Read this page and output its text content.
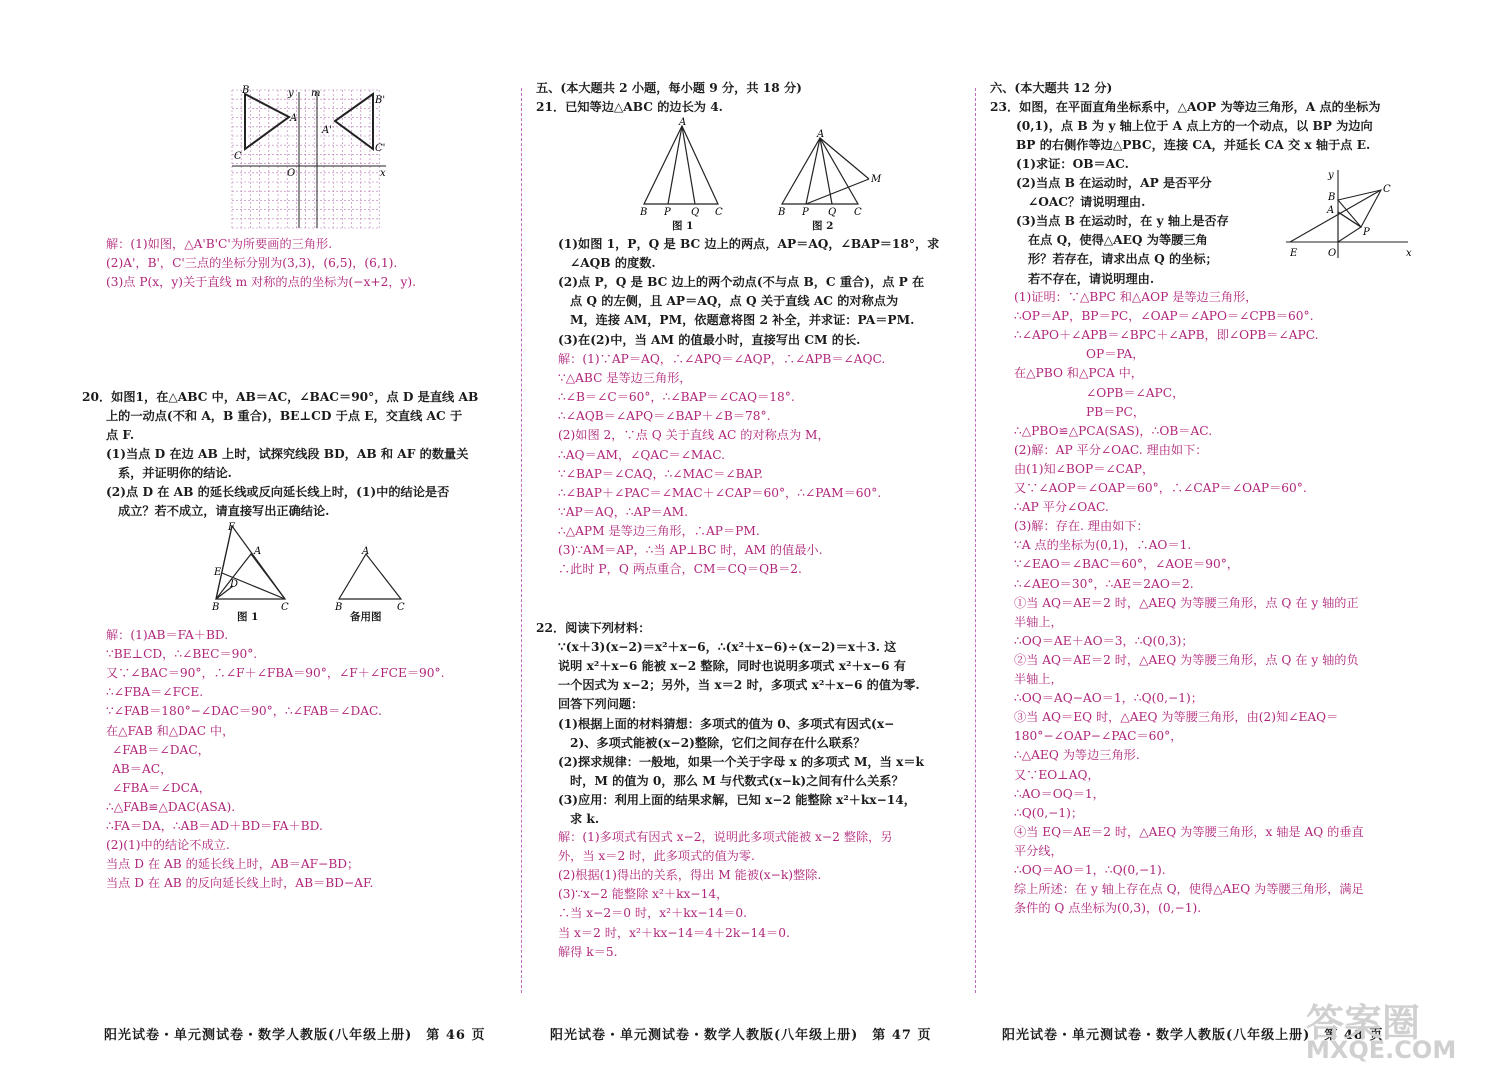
B
A
C
B'
A'
C'
O
y m
x
解：(1)如图，△A'B'C'为所要画的三角形.
(2)A'，B'，C'三点的坐标分别为(3,3)，(6,5)，(6,1).
(3)点 P(x，y)关于直线 m 对称的点的坐标为(−x+2，y).
20．如图1，在△ABC 中，AB＝AC，∠BAC＝90°，点 D 是直线 AB
上的一动点(不和 A，B 重合)，BE⊥CD 于点 E，交直线 AC 于
点 F.
(1)当点 D 在边 AB 上时，试探究线段 BD，AB 和 AF 的数量关
系，并证明你的结论.
(2)点 D 在 AB 的延长线或反向延长线上时，(1)中的结论是否
成立？若不成立，请直接写出正确结论.
F
A
E
D
B	C
A
B	C
图 1	备用图
解：(1)AB＝FA＋BD.
∵BE⊥CD，∴∠BEC＝90°.
又∵∠BAC＝90°，∴∠F＋∠FBA＝90°，∠F＋∠FCE＝90°.
∴∠FBA＝∠FCE.
∵∠FAB＝180°−∠DAC＝90°，∴∠FAB＝∠DAC.
在△FAB 和△DAC 中，
∠FAB＝∠DAC，
AB＝AC，
∠FBA＝∠DCA，
∴△FAB≌△DAC(ASA).
∴FA＝DA，∴AB＝AD＋BD＝FA＋BD.
(2)(1)中的结论不成立.
当点 D 在 AB 的延长线上时，AB＝AF−BD；
当点 D 在 AB 的反向延长线上时，AB＝BD−AF.
阳光试卷・单元测试卷・数学人教版(八年级上册)　第 46 页
五、(本大题共 2 小题，每小题 9 分，共 18 分)
21．已知等边△ABC 的边长为 4.
A
B P Q C
A
B P Q C
M
图 1	图 2
(1)如图 1，P，Q 是 BC 边上的两点，AP＝AQ，∠BAP＝18°，求
∠AQB 的度数.
(2)点 P，Q 是 BC 边上的两个动点(不与点 B，C 重合)，点 P 在
点 Q 的左侧，且 AP＝AQ，点 Q 关于直线 AC 的对称点为
M，连接 AM，PM，依题意将图 2 补全，并求证：PA＝PM.
(3)在(2)中，当 AM 的值最小时，直接写出 CM 的长.
解：(1)∵AP＝AQ，∴∠APQ＝∠AQP，∴∠APB＝∠AQC.
∵△ABC 是等边三角形，
∴∠B＝∠C＝60°，∴∠BAP＝∠CAQ＝18°.
∴∠AQB＝∠APQ＝∠BAP＋∠B＝78°.
(2)如图 2，∵点 Q 关于直线 AC 的对称点为 M，
∴AQ＝AM，∠QAC＝∠MAC.
∵∠BAP＝∠CAQ，∴∠MAC＝∠BAP.
∴∠BAP＋∠PAC＝∠MAC＋∠CAP＝60°，∴∠PAM＝60°.
∵AP＝AQ，∴AP＝AM.
∴△APM 是等边三角形，∴AP＝PM.
(3)∵AM＝AP，∴当 AP⊥BC 时，AM 的值最小.
∴此时 P，Q 两点重合，CM＝CQ＝QB＝2.
22．阅读下列材料：
∵(x＋3)(x−2)＝x²＋x−6，∴(x²＋x−6)÷(x−2)＝x＋3. 这
说明 x²＋x−6 能被 x−2 整除，同时也说明多项式 x²＋x−6 有
一个因式为 x−2；另外，当 x＝2 时，多项式 x²＋x−6 的值为零.
回答下列问题：
(1)根据上面的材料猜想：多项式的值为 0、多项式有因式(x−
2)、多项式能被(x−2)整除，它们之间存在什么联系？
(2)探求规律：一般地，如果一个关于字母 x 的多项式 M，当 x＝k
时，M 的值为 0，那么 M 与代数式(x−k)之间有什么关系？
(3)应用：利用上面的结果求解，已知 x−2 能整除 x²＋kx−14，
求 k.
解：(1)多项式有因式 x−2，说明此多项式能被 x−2 整除，另
外，当 x＝2 时，此多项式的值为零.
(2)根据(1)得出的关系，得出 M 能被(x−k)整除.
(3)∵x−2 能整除 x²＋kx−14，
∴当 x−2＝0 时，x²＋kx−14＝0.
当 x＝2 时，x²＋kx−14＝4＋2k−14＝0.
解得 k＝5.
阳光试卷・单元测试卷・数学人教版(八年级上册)　第 47 页
六、(本大题共 12 分)
23．如图，在平面直角坐标系中，△AOP 为等边三角形，A 点的坐标为
(0,1)，点 B 为 y 轴上位于 A 点上方的一个动点，以 BP 为边向
BP 的右侧作等边△PBC，连接 CA，并延长 CA 交 x 轴于点 E.
(1)求证：OB＝AC.
(2)当点 B 在运动时，AP 是否平分
∠OAC？请说明理由.
(3)当点 B 在运动时，在 y 轴上是否存
在点 Q，使得△AEQ 为等腰三角
形？若存在，请求出点 Q 的坐标；
若不存在，请说明理由.
y
B
A
C
P
E	O	x
(1)证明：∵△BPC 和△AOP 是等边三角形，
∴OP＝AP，BP＝PC，∠OAP＝∠APO＝∠CPB＝60°.
∴∠APO＋∠APB＝∠BPC＋∠APB，即∠OPB＝∠APC.
OP＝PA，
在△PBO 和△PCA 中，
∠OPB＝∠APC，
PB＝PC，
∴△PBO≌△PCA(SAS)，∴OB＝AC.
(2)解：AP 平分∠OAC. 理由如下：
由(1)知∠BOP＝∠CAP，
又∵∠AOP＝∠OAP＝60°，∴∠CAP＝∠OAP＝60°.
∴AP 平分∠OAC.
(3)解：存在. 理由如下：
∵A 点的坐标为(0,1)，∴AO＝1.
∵∠EAO＝∠BAC＝60°，∠AOE＝90°，
∴∠AEO＝30°，∴AE＝2AO＝2.
①当 AQ＝AE＝2 时，△AEQ 为等腰三角形，点 Q 在 y 轴的正
半轴上，
∴OQ＝AE＋AO＝3，∴Q(0,3)；
②当 AQ＝AE＝2 时，△AEQ 为等腰三角形，点 Q 在 y 轴的负
半轴上，
∴OQ＝AQ−AO＝1，∴Q(0,−1)；
③当 AQ＝EQ 时，△AEQ 为等腰三角形，由(2)知∠EAQ＝
180°−∠OAP−∠PAC＝60°，
∴△AEQ 为等边三角形.
又∵EO⊥AQ，
∴AO＝OQ＝1，
∴Q(0,−1)；
④当 EQ＝AE＝2 时，△AEQ 为等腰三角形，x 轴是 AQ 的垂直
平分线，
∴OQ＝AO＝1，∴Q(0,−1).
综上所述：在 y 轴上存在点 Q，使得△AEQ 为等腰三角形，满足
条件的 Q 点坐标为(0,3)，(0,−1).
阳光试卷・单元测试卷・数学人教版(八年级上册)　第 48 页
答案圈
MXQE.COM
